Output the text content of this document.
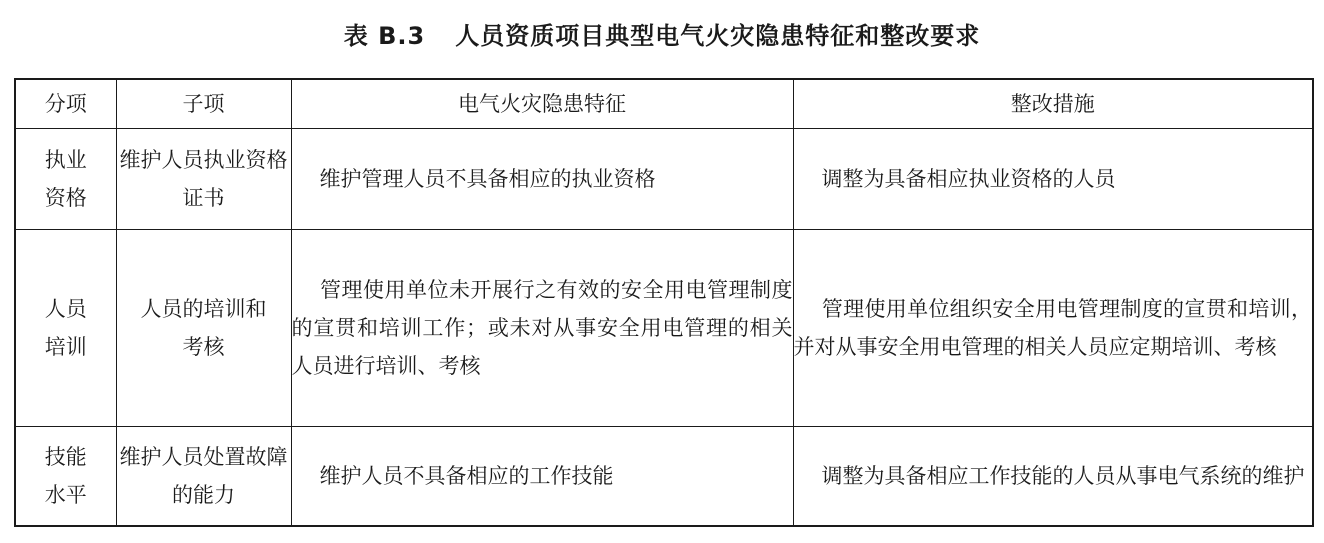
表 B.3 人员资质项目典型电气火灾隐患特征和整改要求
分项	子项	电气火灾隐患特征	整改措施
执业资格	维护人员执业资格证书	维护管理人员不具备相应的执业资格	调整为具备相应执业资格的人员
人员培训	人员的培训和考核	管理使用单位未开展行之有效的安全用电管理制度的宣贯和培训工作；或未对从事安全用电管理的相关人员进行培训、考核	管理使用单位组织安全用电管理制度的宣贯和培训，并对从事安全用电管理的相关人员应定期培训、考核
技能水平	维护人员处置故障的能力	维护人员不具备相应的工作技能	调整为具备相应工作技能的人员从事电气系统的维护
